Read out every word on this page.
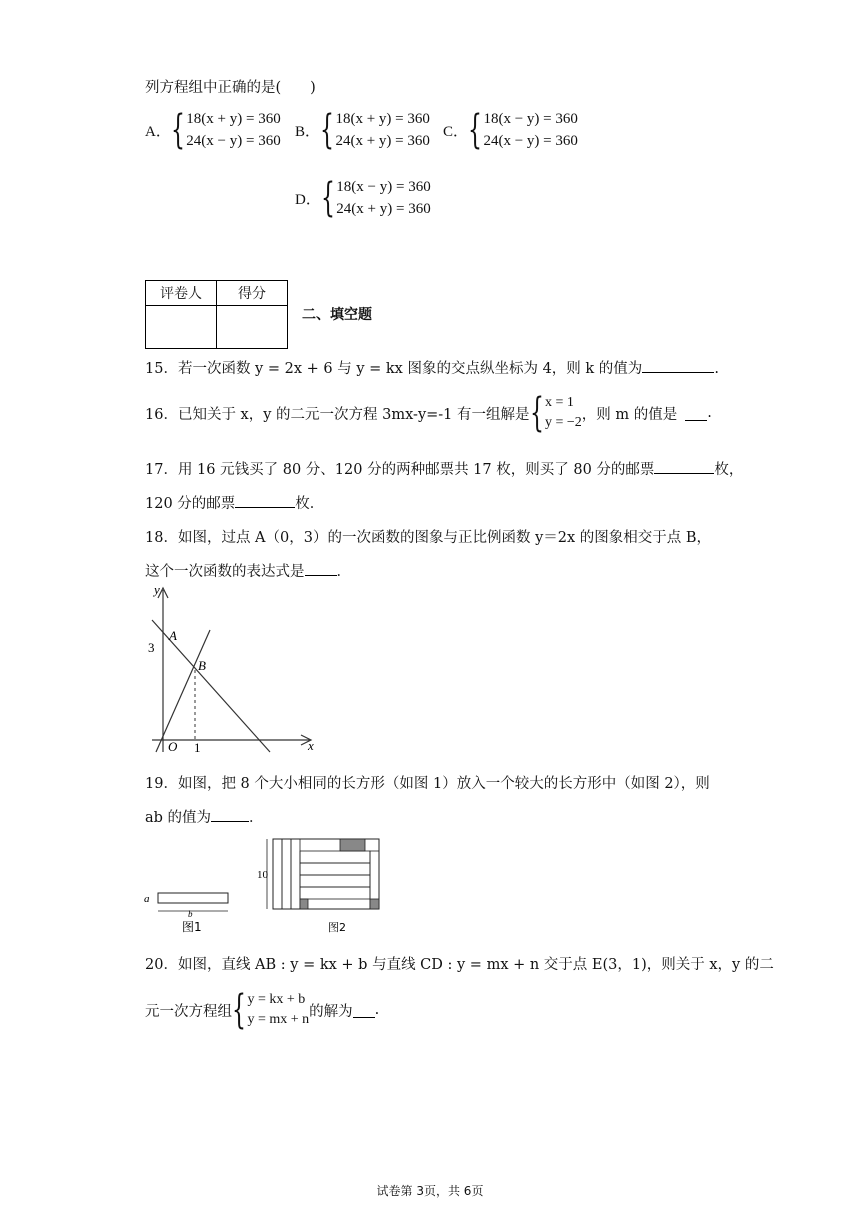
列方程组中正确的是(　　)
A． { 18(x + y) = 360
24(x − y) = 360
B． { 18(x + y) = 360
24(x + y) = 360
C． { 18(x − y) = 360
24(x − y) = 360
D． { 18(x − y) = 360
24(x + y) = 360
评卷人	得分

二、填空题
15．若一次函数 y = 2x + 6 与 y = kx 图象的交点纵坐标为 4，则 k 的值为	.
16．已知关于 x，y 的二元一次方程 3mx-y=-1 有一组解是 { x = 1
y = −2 ，则 m 的值是 .
17．用 16 元钱买了 80 分、120 分的两种邮票共 17 枚，则买了 80 分的邮票	枚，
120 分的邮票	枚．
18．如图，过点 A（0，3）的一次函数的图象与正比例函数 y＝2x 的图象相交于点 B，
这个一次函数的表达式是 ．
y
x
O
A
B
3
1
19．如图，把 8 个大小相同的长方形（如图 1）放入一个较大的长方形中（如图 2），则
ab 的值为	．
a
b
图1
10
图2
20．如图，直线 AB : y = kx + b 与直线 CD : y = mx + n 交于点 E(3，1)，则关于 x，y 的二
元一次方程组 { y = kx + b
y = mx + n 的解为 .
试卷第 3页，共 6页
